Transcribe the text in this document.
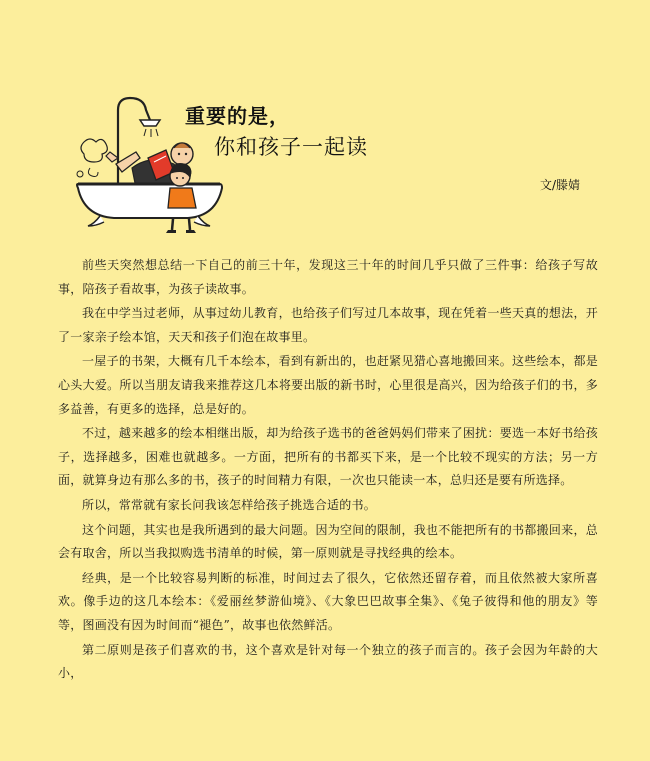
重要的是，
你和孩子一起读
文/滕婧

前些天突然想总结一下自己的前三十年，发现这三十年的时间几乎只做了三件事：给孩子写故事，陪孩子看故事，为孩子读故事。

我在中学当过老师，从事过幼儿教育，也给孩子们写过几本故事，现在凭着一些天真的想法，开了一家亲子绘本馆，天天和孩子们泡在故事里。

一屋子的书架，大概有几千本绘本，看到有新出的，也赶紧见猎心喜地搬回来。这些绘本，都是心头大爱。所以当朋友请我来推荐这几本将要出版的新书时，心里很是高兴，因为给孩子们的书，多多益善，有更多的选择，总是好的。

不过，越来越多的绘本相继出版，却为给孩子选书的爸爸妈妈们带来了困扰：要选一本好书给孩子，选择越多，困难也就越多。一方面，把所有的书都买下来，是一个比较不现实的方法；另一方面，就算身边有那么多的书，孩子的时间精力有限，一次也只能读一本，总归还是要有所选择。

所以，常常就有家长问我该怎样给孩子挑选合适的书。

这个问题，其实也是我所遇到的最大问题。因为空间的限制，我也不能把所有的书都搬回来，总会有取舍，所以当我拟购选书清单的时候，第一原则就是寻找经典的绘本。

经典，是一个比较容易判断的标准，时间过去了很久，它依然还留存着，而且依然被大家所喜欢。像手边的这几本绘本：《爱丽丝梦游仙境》、《大象巴巴故事全集》、《兔子彼得和他的朋友》等等，图画没有因为时间而“褪色”，故事也依然鲜活。

第二原则是孩子们喜欢的书，这个喜欢是针对每一个独立的孩子而言的。孩子会因为年龄的大小，
